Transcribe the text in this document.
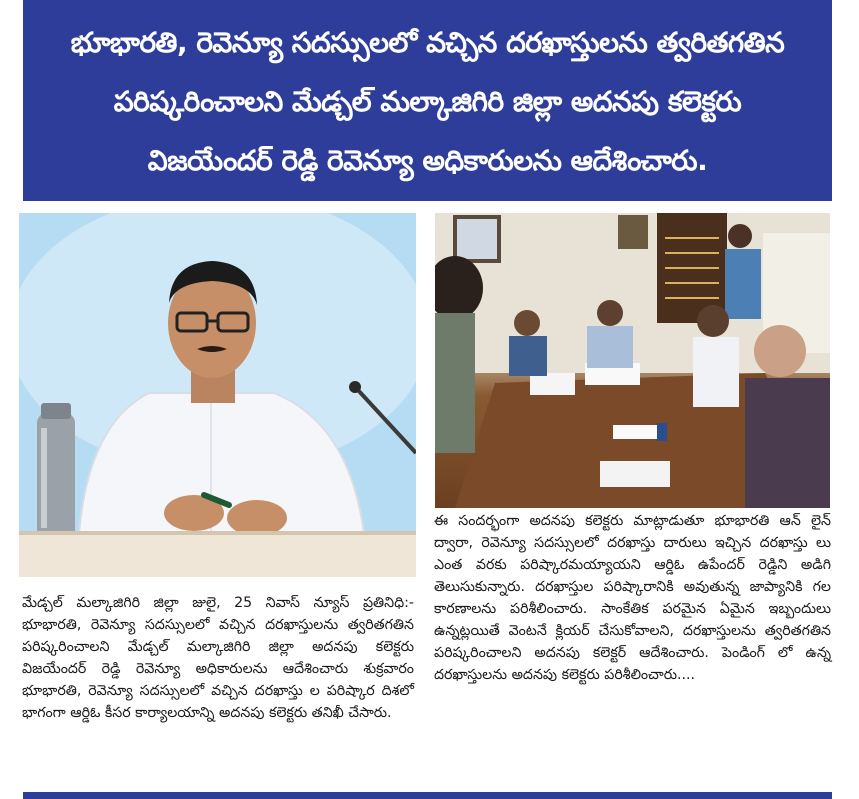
భూభారతి, రెవెన్యూ సదస్సులలో వచ్చిన దరఖాస్తులను త్వరితగతిన
పరిష్కరించాలని మేడ్చల్ మల్కాజిగిరి జిల్లా అదనపు కలెక్టరు
విజయేందర్ రెడ్డి రెవెన్యూ అధికారులను ఆదేశించారు.

మేడ్చల్ మల్కాజిగిరి జిల్లా జులై, 25 నివాస్ న్యూస్ ప్రతినిధి:- భూభారతి, రెవెన్యూ సదస్సులలో వచ్చిన దరఖాస్తులను త్వరితగతిన పరిష్కరించాలని మేడ్చల్ మల్కాజిగిరి జిల్లా అదనపు కలెక్టరు విజయేందర్ రెడ్డి రెవెన్యూ అధికారులను ఆదేశించారు శుక్రవారం భూభారతి, రెవెన్యూ సదస్సులలో వచ్చిన దరఖాస్తు ల పరిష్కార దిశలో భాగంగా ఆర్డిఓ కీసర కార్యాలయాన్ని అదనపు కలెక్టరు తనిఖీ చేసారు.

ఈ సందర్భంగా అదనపు కలెక్టరు మాట్లాడుతూ భూభారతి ఆన్ లైన్ ద్వారా, రెవెన్యూ సదస్సులలో దరఖాస్తు దారులు ఇచ్చిన దరఖాస్తు లు ఎంత వరకు పరిష్కారమయ్యాయని ఆర్డిఓ ఉపేందర్ రెడ్డిని అడిగి తెలుసుకున్నారు. దరఖాస్తుల పరిష్కారానికి అవుతున్న జాప్యానికి గల కారణాలను పరిశీలించారు. సాంకేతిక పరమైన ఏమైన ఇబ్బందులు ఉన్నట్లయితే వెంటనే క్లియర్ చేసుకోవాలని, దరఖాస్తులను త్వరితగతిన పరిష్కరించాలని అదనపు కలెక్టర్ ఆదేశించారు. పెండింగ్ లో ఉన్న దరఖాస్తులను అదనపు కలెక్టరు పరిశీలించారు....
